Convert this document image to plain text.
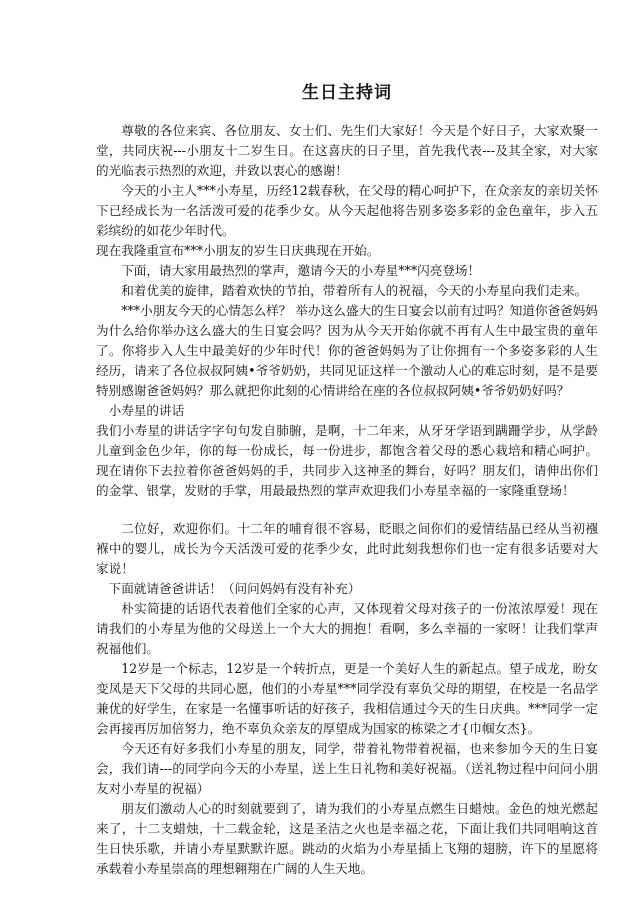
生日主持词

尊敬的各位来宾、各位朋友、女士们、先生们大家好！今天是个好日子，大家欢聚一堂，共同庆祝---小朋友十二岁生日。在这喜庆的日子里，首先我代表---及其全家，对大家的光临表示热烈的欢迎，并致以衷心的感谢！

今天的小主人***小寿星，历经12载春秋，在父母的精心呵护下，在众亲友的亲切关怀下已经成长为一名活泼可爱的花季少女。从今天起他将告别多姿多彩的金色童年，步入五彩缤纷的如花少年时代。

现在我隆重宣布***小朋友的岁生日庆典现在开始。

下面，请大家用最热烈的掌声，邀请今天的小寿星***闪亮登场！

和着优美的旋律，踏着欢快的节拍，带着所有人的祝福，今天的小寿星向我们走来。

***小朋友今天的心情怎么样？ 举办这么盛大的生日宴会以前有过吗？知道你爸爸妈妈为什么给你举办这么盛大的生日宴会吗？因为从今天开始你就不再有人生中最宝贵的童年了。你将步入人生中最美好的少年时代！你的爸爸妈妈为了让你拥有一个多姿多彩的人生经历，请来了各位叔叔阿姨•爷爷奶奶，共同见证这样一个激动人心的难忘时刻，是不是要特别感谢爸爸妈妈？那么就把你此刻的心情讲给在座的各位叔叔阿姨•爷爷奶奶好吗？

小寿星的讲话

我们小寿星的讲话字字句句发自肺腑，是啊，十二年来，从牙牙学语到蹒跚学步，从学龄儿童到金色少年，你的每一份成长，每一份进步，都饱含着父母的悉心栽培和精心呵护。现在请你下去拉着你爸爸妈妈的手，共同步入这神圣的舞台，好吗？朋友们，请伸出你们的金掌、银掌，发财的手掌，用最最热烈的掌声欢迎我们小寿星幸福的一家隆重登场！

二位好，欢迎你们。十二年的哺育很不容易，眨眼之间你们的爱情结晶已经从当初襁褓中的婴儿，成长为今天活泼可爱的花季少女，此时此刻我想你们也一定有很多话要对大家说！

下面就请爸爸讲话！（问问妈妈有没有补充）

朴实简捷的话语代表着他们全家的心声，又体现着父母对孩子的一份浓浓厚爱！现在请我们的小寿星为他的父母送上一个大大的拥抱！看啊，多么幸福的一家呀！让我们掌声祝福他们。

12岁是一个标志，12岁是一个转折点，更是一个美好人生的新起点。望子成龙，盼女变凤是天下父母的共同心愿，他们的小寿星***同学没有辜负父母的期望，在校是一名品学兼优的好学生，在家是一名懂事听话的好孩子，我相信通过今天的生日庆典。***同学一定会再接再厉加倍努力，绝不辜负众亲友的厚望成为国家的栋梁之才{巾帼女杰}。

今天还有好多我们小寿星的朋友，同学，带着礼物带着祝福，也来参加今天的生日宴会，我们请---的同学向今天的小寿星，送上生日礼物和美好祝福。（送礼物过程中问问小朋友对小寿星的祝福）

朋友们激动人心的时刻就要到了，请为我们的小寿星点燃生日蜡烛。金色的烛光燃起来了，十二支蜡烛，十二载金轮，这是圣洁之火也是幸福之花，下面让我们共同唱响这首生日快乐歌，并请小寿星默默许愿。跳动的火焰为小寿星插上飞翔的翅膀，许下的星愿将承载着小寿星崇高的理想翱翔在广阔的人生天地。
